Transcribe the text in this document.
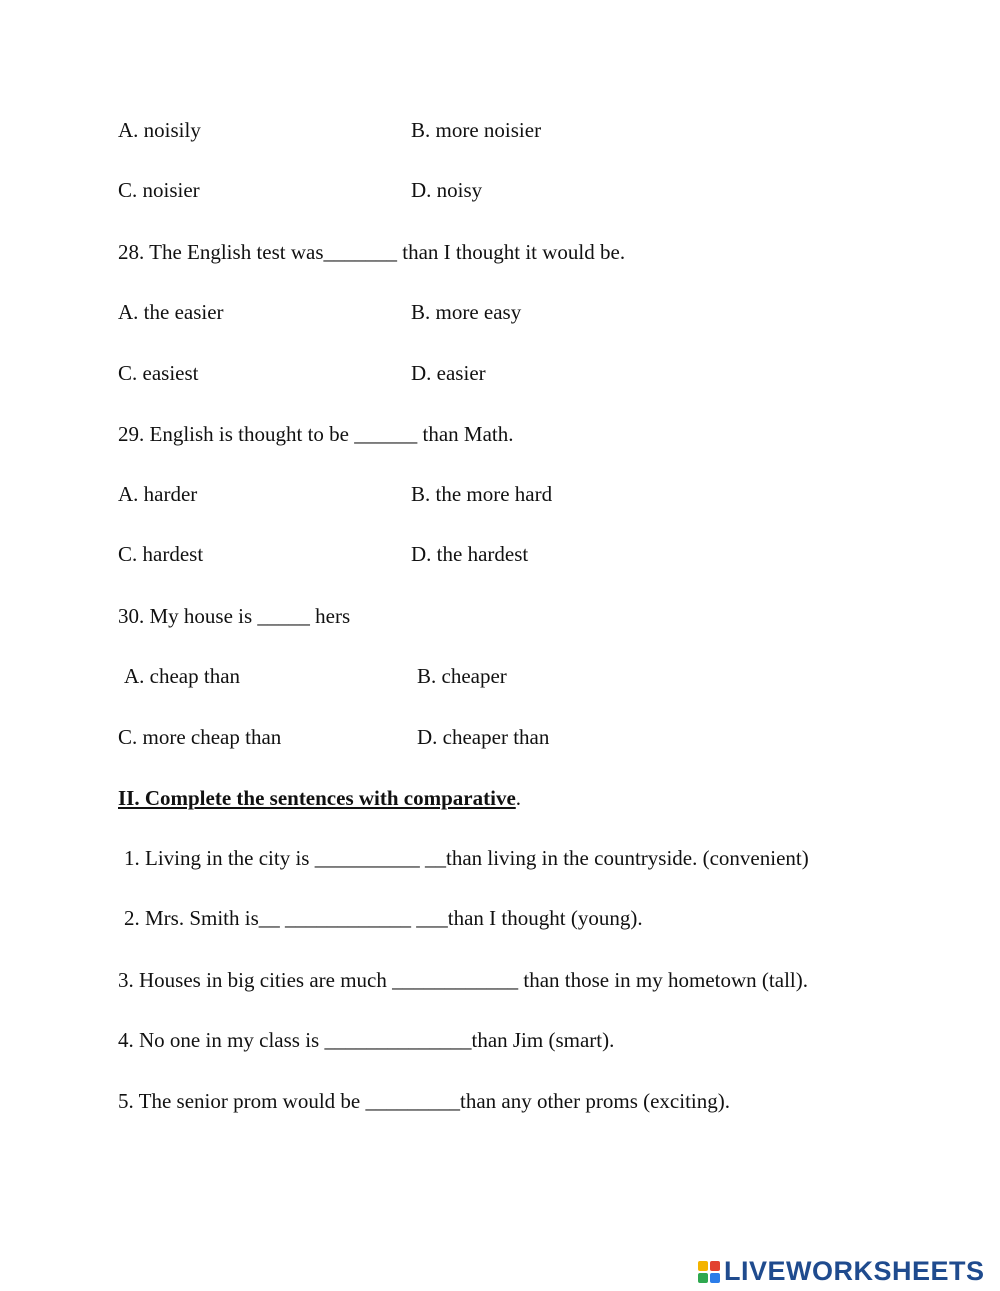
A. noisily	B. more noisier

C. noisier	D. noisy

28. The English test was_______ than I thought it would be.

A. the easier	B. more easy

C. easiest	D. easier

29. English is thought to be ______ than Math.

A. harder	B. the more hard

C. hardest	D. the hardest

30. My house is _____ hers

A. cheap than	B. cheaper

C. more cheap than	D. cheaper than

II. Complete the sentences with comparative.

1. Living in the city is __________ __than living in the countryside. (convenient)

2. Mrs. Smith is__ ____________ ___than I thought (young).

3. Houses in big cities are much ____________ than those in my hometown (tall).

4. No one in my class is ______________than Jim (smart).

5. The senior prom would be _________than any other proms (exciting).

LIVEWORKSHEETS
